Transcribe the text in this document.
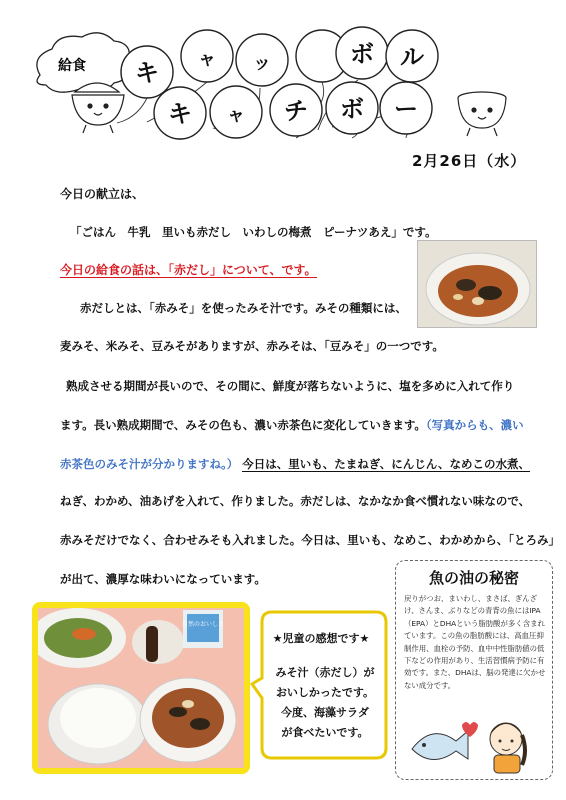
キ ャ ッ	ボ ル
キ ャ チ ボ ー
給食
2月26日（水）
今日の献立は、
「ごはん　牛乳　里いも赤だし　いわしの梅煮　ピーナツあえ」です。
今日の給食の話は、「赤だし」について、です。
赤だしとは、「赤みそ」を使ったみそ汁です。みその種類には、
麦みそ、米みそ、豆みそがありますが、赤みそは、「豆みそ」の一つです。
熟成させる期間が長いので、その間に、鮮度が落ちないように、塩を多めに入れて作り
ます。長い熟成期間で、みその色も、濃い赤茶色に変化していきます。（写真からも、濃い
赤茶色のみそ汁が分かりますね。） 今日は、里いも、たまねぎ、にんじん、なめこの水煮、
ねぎ、わかめ、油あげを入れて、作りました。赤だしは、なかなか食べ慣れない味なので、
赤みそだけでなく、合わせみそも入れました。今日は、里いも、なめこ、わかめから、「とろみ」
が出て、濃厚な味わいになっています。
自然のおいしさ
★児童の感想です★
みそ汁（赤だし）が
おいしかったです。
今度、海藻サラダ
が食べたいです。
魚の油の秘密
戻りがつお、まいわし、まさば、ぎんざけ、さんま、ぶりなどの青背の魚にはIPA（EPA）とDHAという脂肪酸が多く含まれています。この魚の脂肪酸には、高血圧抑制作用、血栓の予防、血中中性脂肪値の低下などの作用があり、生活習慣病予防に有効です。また、DHAは、脳の発達に欠かせない成分です。
